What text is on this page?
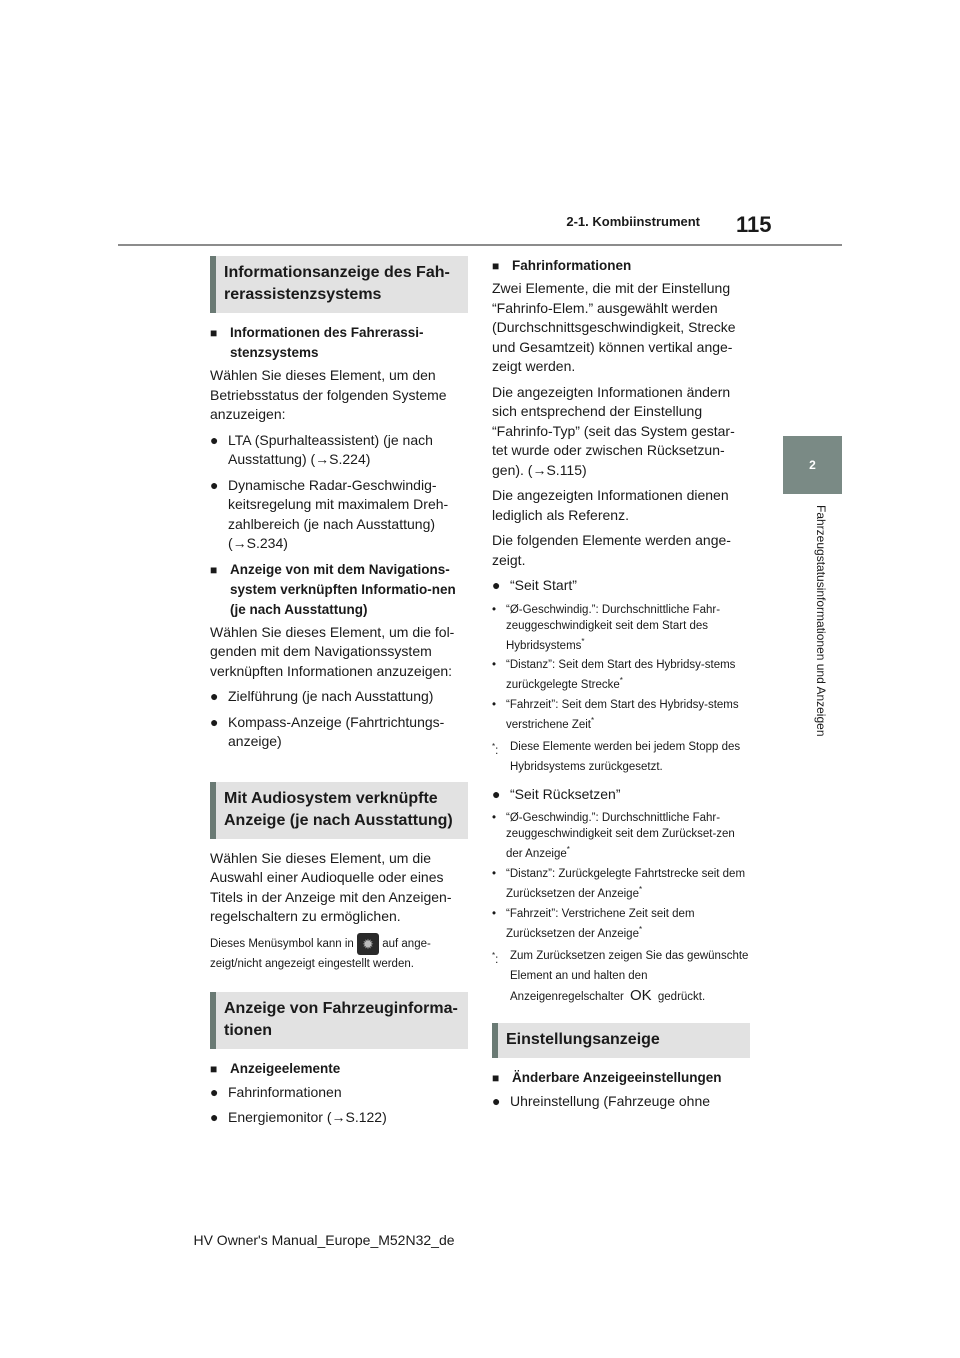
2-1. Kombiinstrument 115
2
Fahrzeugstatusinformationen und Anzeigen
Informationsanzeige des Fah-rerassistenzsystems
■ Informationen des Fahrerassi-stenzsystems

Wählen Sie dieses Element, um den Betriebsstatus der folgenden Systeme anzuzeigen:

● LTA (Spurhalteassistent) (je nach Ausstattung) (→S.224)
● Dynamische Radar-Geschwindig-keitsregelung mit maximalem Dreh-zahlbereich (je nach Ausstattung) (→S.234)
■ Anzeige von mit dem Navigations-system verknüpften Informatio-nen (je nach Ausstattung)

Wählen Sie dieses Element, um die fol-genden mit dem Navigationssystem verknüpften Informationen anzuzeigen:

● Zielführung (je nach Ausstattung)
● Kompass-Anzeige (Fahrtrichtungs-anzeige)
Mit Audiosystem verknüpfte Anzeige (je nach Ausstattung)

Wählen Sie dieses Element, um die Auswahl einer Audioquelle oder eines Titels in der Anzeige mit den Anzeigen-regelschaltern zu ermöglichen.

Dieses Menüsymbol kann in ✹ auf ange-zeigt/nicht angezeigt eingestellt werden.
Anzeige von Fahrzeuginforma-tionen
■ Anzeigeelemente
● Fahrinformationen
● Energiemonitor (→S.122)
■ Fahrinformationen

Zwei Elemente, die mit der Einstellung “Fahrinfo-Elem.” ausgewählt werden (Durchschnittsgeschwindigkeit, Strecke und Gesamtzeit) können vertikal ange-zeigt werden.

Die angezeigten Informationen ändern sich entsprechend der Einstellung “Fahrinfo-Typ” (seit das System gestar-tet wurde oder zwischen Rücksetzun-gen). (→S.115)

Die angezeigten Informationen dienen lediglich als Referenz.

Die folgenden Elemente werden ange-zeigt.

● “Seit Start”
• “Ø-Geschwindig.”: Durchschnittliche Fahr-zeuggeschwindigkeit seit dem Start des Hybridsystems*
• “Distanz”: Seit dem Start des Hybridsy-stems zurückgelegte Strecke*
• “Fahrzeit”: Seit dem Start des Hybridsy-stems verstrichene Zeit*
*:	Diese Elemente werden bei jedem Stopp des Hybridsystems zurückgesetzt.
● “Seit Rücksetzen”
• “Ø-Geschwindig.”: Durchschnittliche Fahr-zeuggeschwindigkeit seit dem Zurückset-zen der Anzeige*
• “Distanz”: Zurückgelegte Fahrtstrecke seit dem Zurücksetzen der Anzeige*
• “Fahrzeit”: Verstrichene Zeit seit dem Zurücksetzen der Anzeige*
*:	Zum Zurücksetzen zeigen Sie das gewünschte Element an und halten den Anzeigenregelschalter OK gedrückt.
Einstellungsanzeige
■ Änderbare Anzeigeeinstellungen
● Uhreinstellung (Fahrzeuge ohne
HV Owner's Manual_Europe_M52N32_de
